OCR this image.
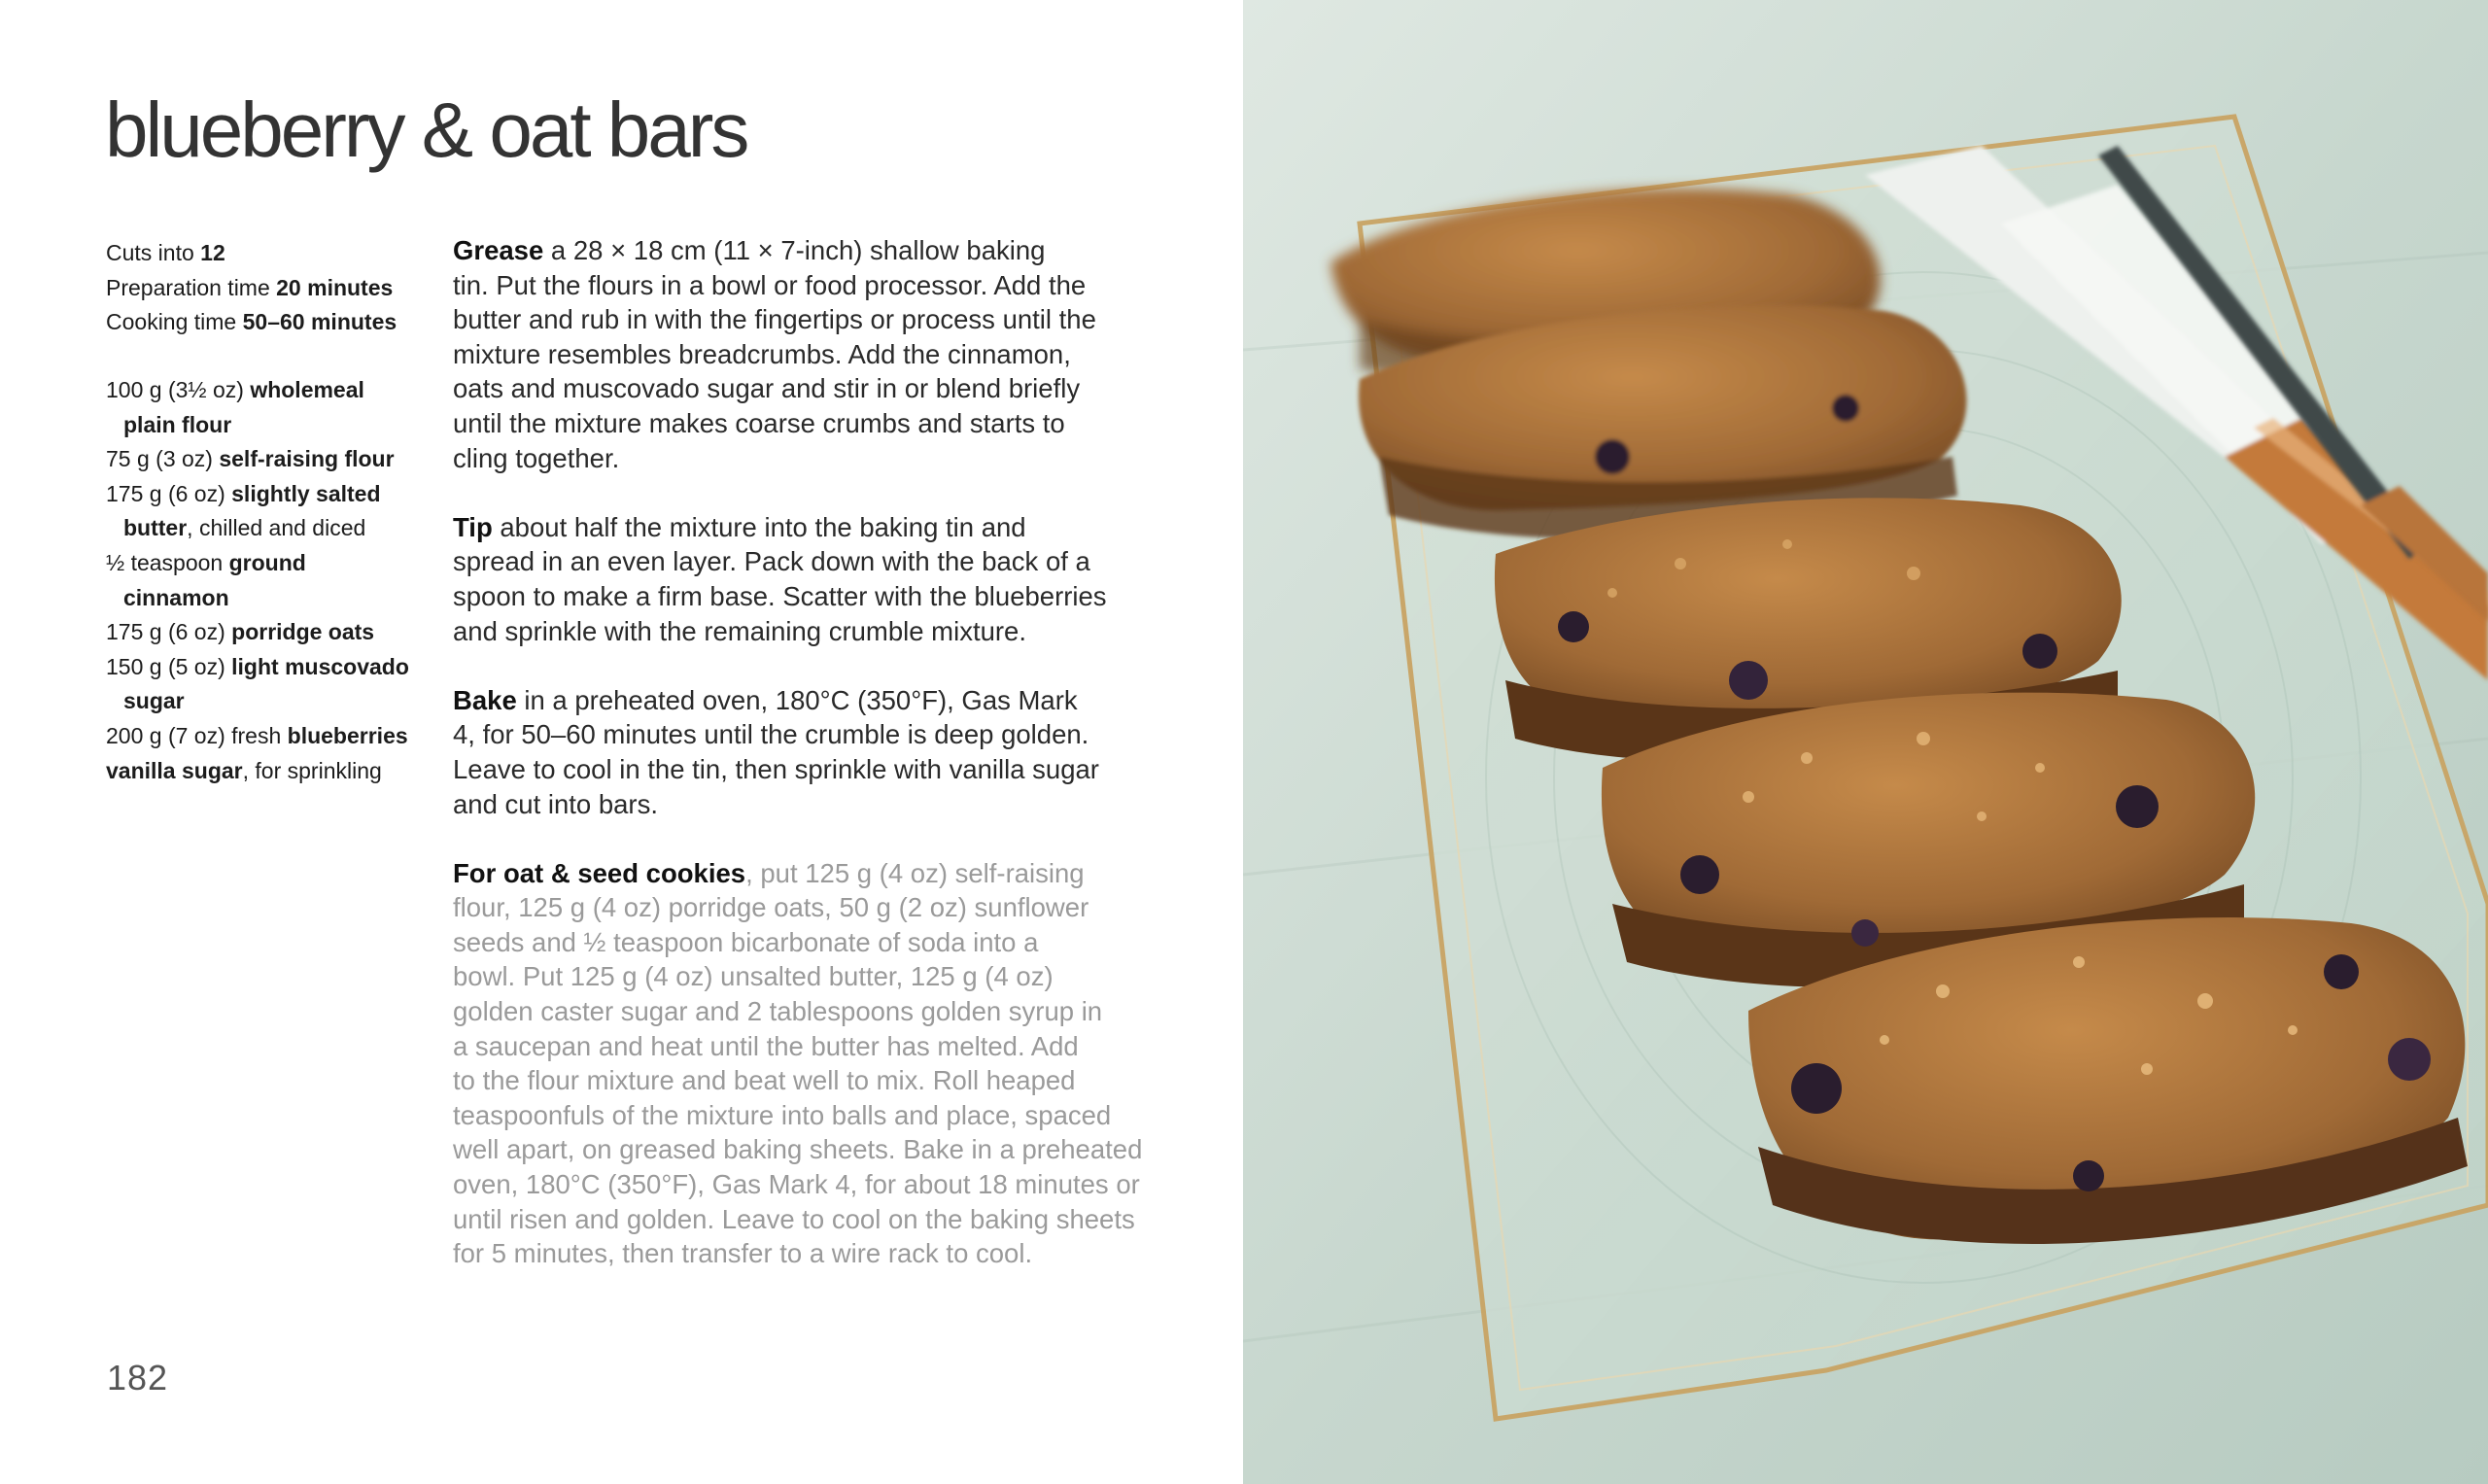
blueberry & oat bars
Cuts into 12
Preparation time 20 minutes
Cooking time 50–60 minutes
100 g (3½ oz) wholemeal
plain flour
75 g (3 oz) self-raising flour
175 g (6 oz) slightly salted
butter, chilled and diced
½ teaspoon ground
cinnamon
175 g (6 oz) porridge oats
150 g (5 oz) light muscovado
sugar
200 g (7 oz) fresh blueberries
vanilla sugar, for sprinkling
Grease a 28 × 18 cm (11 × 7-inch) shallow baking
tin. Put the flours in a bowl or food processor. Add the
butter and rub in with the fingertips or process until the
mixture resembles breadcrumbs. Add the cinnamon,
oats and muscovado sugar and stir in or blend briefly
until the mixture makes coarse crumbs and starts to
cling together.
Tip about half the mixture into the baking tin and
spread in an even layer. Pack down with the back of a
spoon to make a firm base. Scatter with the blueberries
and sprinkle with the remaining crumble mixture.
Bake in a preheated oven, 180°C (350°F), Gas Mark
4, for 50–60 minutes until the crumble is deep golden.
Leave to cool in the tin, then sprinkle with vanilla sugar
and cut into bars.
For oat & seed cookies, put 125 g (4 oz) self-raising
flour, 125 g (4 oz) porridge oats, 50 g (2 oz) sunflower
seeds and ½ teaspoon bicarbonate of soda into a
bowl. Put 125 g (4 oz) unsalted butter, 125 g (4 oz)
golden caster sugar and 2 tablespoons golden syrup in
a saucepan and heat until the butter has melted. Add
to the flour mixture and beat well to mix. Roll heaped
teaspoonfuls of the mixture into balls and place, spaced
well apart, on greased baking sheets. Bake in a preheated
oven, 180°C (350°F), Gas Mark 4, for about 18 minutes or
until risen and golden. Leave to cool on the baking sheets
for 5 minutes, then transfer to a wire rack to cool.
182
